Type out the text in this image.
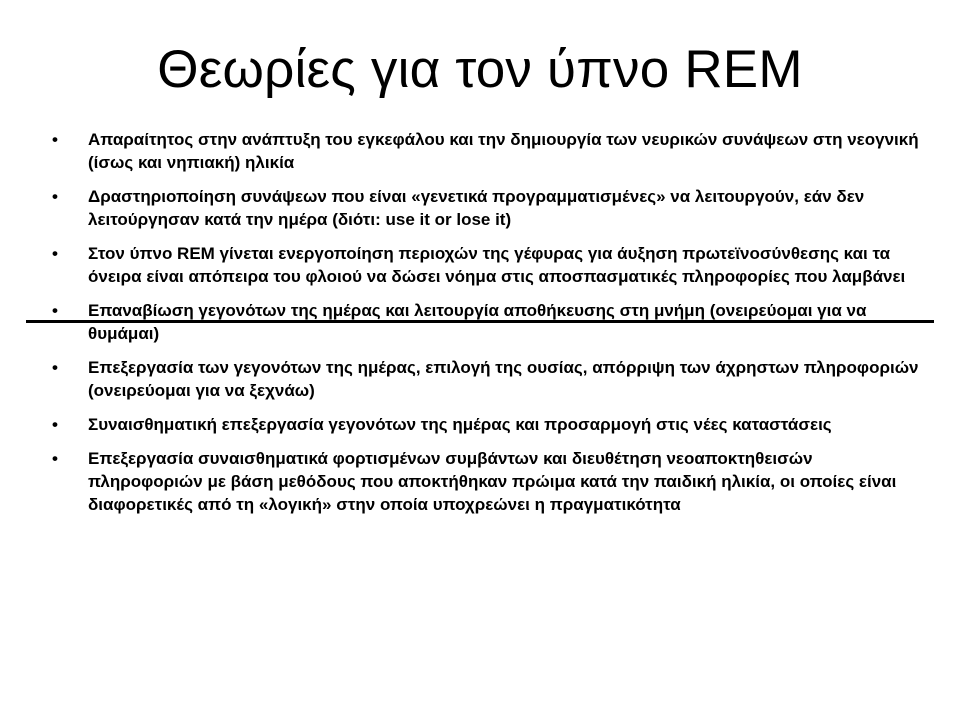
Θεωρίες για τον ύπνο REM
•	Απαραίτητος στην ανάπτυξη του εγκεφάλου και την δημιουργία των νευρικών συνάψεων στη νεογνική (ίσως και νηπιακή) ηλικία
•	Δραστηριοποίηση συνάψεων που είναι «γενετικά προγραμματισμένες» να λειτουργούν, εάν δεν λειτούργησαν κατά την ημέρα (διότι: use it or lose it)
•	Στον ύπνο REM γίνεται ενεργοποίηση περιοχών της γέφυρας για άυξηση πρωτεϊνοσύνθεσης και τα όνειρα είναι απόπειρα του φλοιού να δώσει νόημα στις αποσπασματικές πληροφορίες που λαμβάνει
•	Επαναβίωση γεγονότων της ημέρας και λειτουργία αποθήκευσης στη μνήμη (ονειρεύομαι για να θυμάμαι)
•	Επεξεργασία των γεγονότων της ημέρας, επιλογή της ουσίας, απόρριψη των άχρηστων πληροφοριών (ονειρεύομαι για να ξεχνάω)
•	Συναισθηματική επεξεργασία γεγονότων της ημέρας και προσαρμογή στις νέες καταστάσεις
•	Επεξεργασία συναισθηματικά φορτισμένων συμβάντων και διευθέτηση νεοαποκτηθεισών πληροφοριών με βάση μεθόδους που αποκτήθηκαν πρώιμα κατά την παιδική ηλικία, οι οποίες είναι διαφορετικές από τη «λογική» στην οποία υποχρεώνει η πραγματικότητα
